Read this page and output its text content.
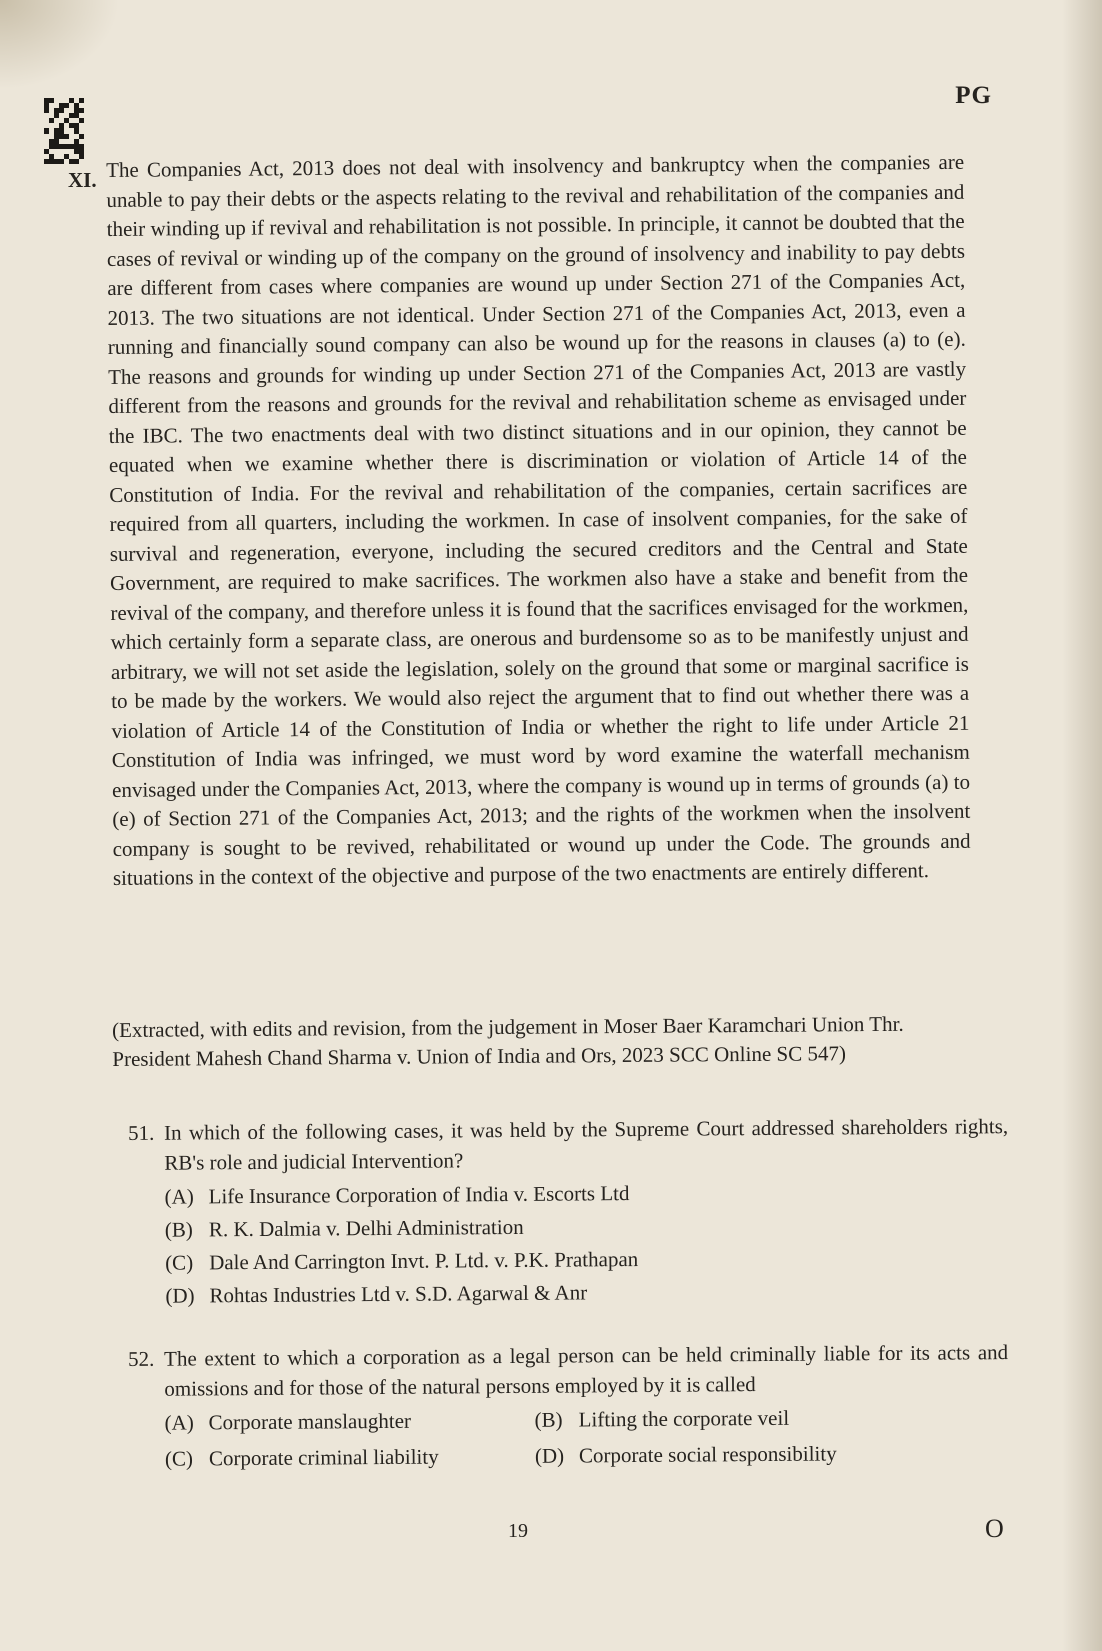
PG
XI. The Companies Act, 2013 does not deal with insolvency and bankruptcy when the companies are unable to pay their debts or the aspects relating to the revival and rehabilitation of the companies and their winding up if revival and rehabilitation is not possible. In principle, it cannot be doubted that the cases of revival or winding up of the company on the ground of insolvency and inability to pay debts are different from cases where companies are wound up under Section 271 of the Companies Act, 2013. The two situations are not identical. Under Section 271 of the Companies Act, 2013, even a running and financially sound company can also be wound up for the reasons in clauses (a) to (e). The reasons and grounds for winding up under Section 271 of the Companies Act, 2013 are vastly different from the reasons and grounds for the revival and rehabilitation scheme as envisaged under the IBC. The two enactments deal with two distinct situations and in our opinion, they cannot be equated when we examine whether there is discrimination or violation of Article 14 of the Constitution of India. For the revival and rehabilitation of the companies, certain sacrifices are required from all quarters, including the workmen. In case of insolvent companies, for the sake of survival and regeneration, everyone, including the secured creditors and the Central and State Government, are required to make sacrifices. The workmen also have a stake and benefit from the revival of the company, and therefore unless it is found that the sacrifices envisaged for the workmen, which certainly form a separate class, are onerous and burdensome so as to be manifestly unjust and arbitrary, we will not set aside the legislation, solely on the ground that some or marginal sacrifice is to be made by the workers. We would also reject the argument that to find out whether there was a violation of Article 14 of the Constitution of India or whether the right to life under Article 21 Constitution of India was infringed, we must word by word examine the waterfall mechanism envisaged under the Companies Act, 2013, where the company is wound up in terms of grounds (a) to (e) of Section 271 of the Companies Act, 2013; and the rights of the workmen when the insolvent company is sought to be revived, rehabilitated or wound up under the Code. The grounds and situations in the context of the objective and purpose of the two enactments are entirely different.

(Extracted, with edits and revision, from the judgement in Moser Baer Karamchari Union Thr. President Mahesh Chand Sharma v. Union of India and Ors, 2023 SCC Online SC 547)
51. In which of the following cases, it was held by the Supreme Court addressed shareholders rights, RB's role and judicial Intervention?
(A) Life Insurance Corporation of India v. Escorts Ltd
(B) R. K. Dalmia v. Delhi Administration
(C) Dale And Carrington Invt. P. Ltd. v. P.K. Prathapan
(D) Rohtas Industries Ltd v. S.D. Agarwal & Anr
52. The extent to which a corporation as a legal person can be held criminally liable for its acts and omissions and for those of the natural persons employed by it is called
(A) Corporate manslaughter	(B) Lifting the corporate veil
(C) Corporate criminal liability	(D) Corporate social responsibility
19	O
